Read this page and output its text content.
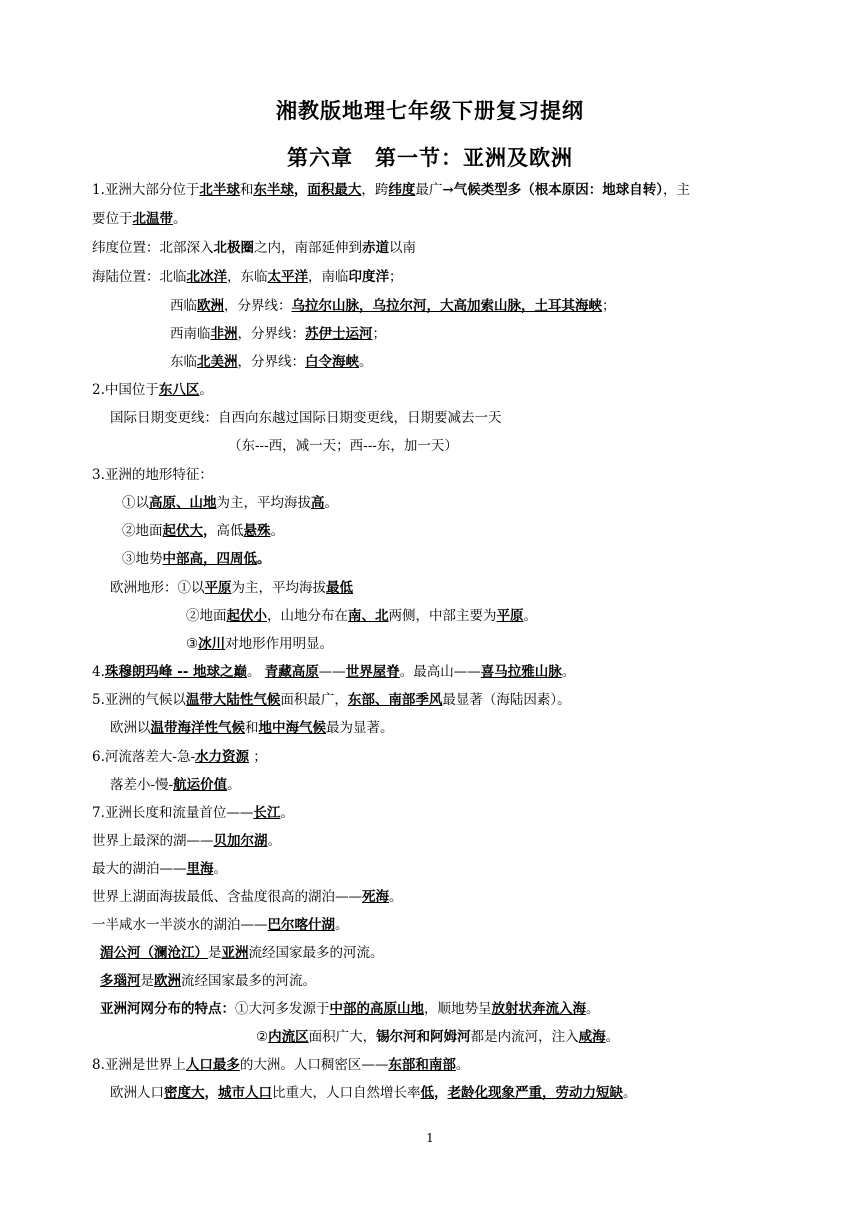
湘教版地理七年级下册复习提纲
第六章　第一节：亚洲及欧洲
1.亚洲大部分位于北半球和东半球，面积最大，跨纬度最广→气候类型多（根本原因：地球自转），主
要位于北温带。
纬度位置：北部深入北极圈之内，南部延伸到赤道以南
海陆位置：北临北冰洋，东临太平洋，南临印度洋；
西临欧洲，分界线：乌拉尔山脉，乌拉尔河，大高加索山脉，土耳其海峡；
西南临非洲，分界线：苏伊士运河；
东临北美洲，分界线：白令海峡。
2.中国位于东八区。
国际日期变更线：自西向东越过国际日期变更线，日期要减去一天
（东---西，减一天；西---东，加一天）
3.亚洲的地形特征：
①以高原、山地为主，平均海拔高。
②地面起伏大，高低悬殊。
③地势中部高，四周低。
欧洲地形：①以平原为主，平均海拔最低
②地面起伏小，山地分布在南、北两侧，中部主要为平原。
③冰川对地形作用明显。
4.珠穆朗玛峰 -- 地球之巅。 青藏高原——世界屋脊。最高山——喜马拉雅山脉。
5.亚洲的气候以温带大陆性气候面积最广，东部、南部季风最显著（海陆因素）。
欧洲以温带海洋性气候和地中海气候最为显著。
6.河流落差大-急-水力资源 ；
落差小-慢-航运价值。
7.亚洲长度和流量首位——长江。
世界上最深的湖——贝加尔湖。
最大的湖泊——里海。
世界上湖面海拔最低、含盐度很高的湖泊——死海。
一半咸水一半淡水的湖泊——巴尔喀什湖。
湄公河（澜沧江）是亚洲流经国家最多的河流。
多瑙河是欧洲流经国家最多的河流。
亚洲河网分布的特点：①大河多发源于中部的高原山地，顺地势呈放射状奔流入海。
②内流区面积广大，锡尔河和阿姆河都是内流河，注入咸海。
8.亚洲是世界上人口最多的大洲。人口稠密区——东部和南部。
欧洲人口密度大，城市人口比重大，人口自然增长率低，老龄化现象严重，劳动力短缺。
1
